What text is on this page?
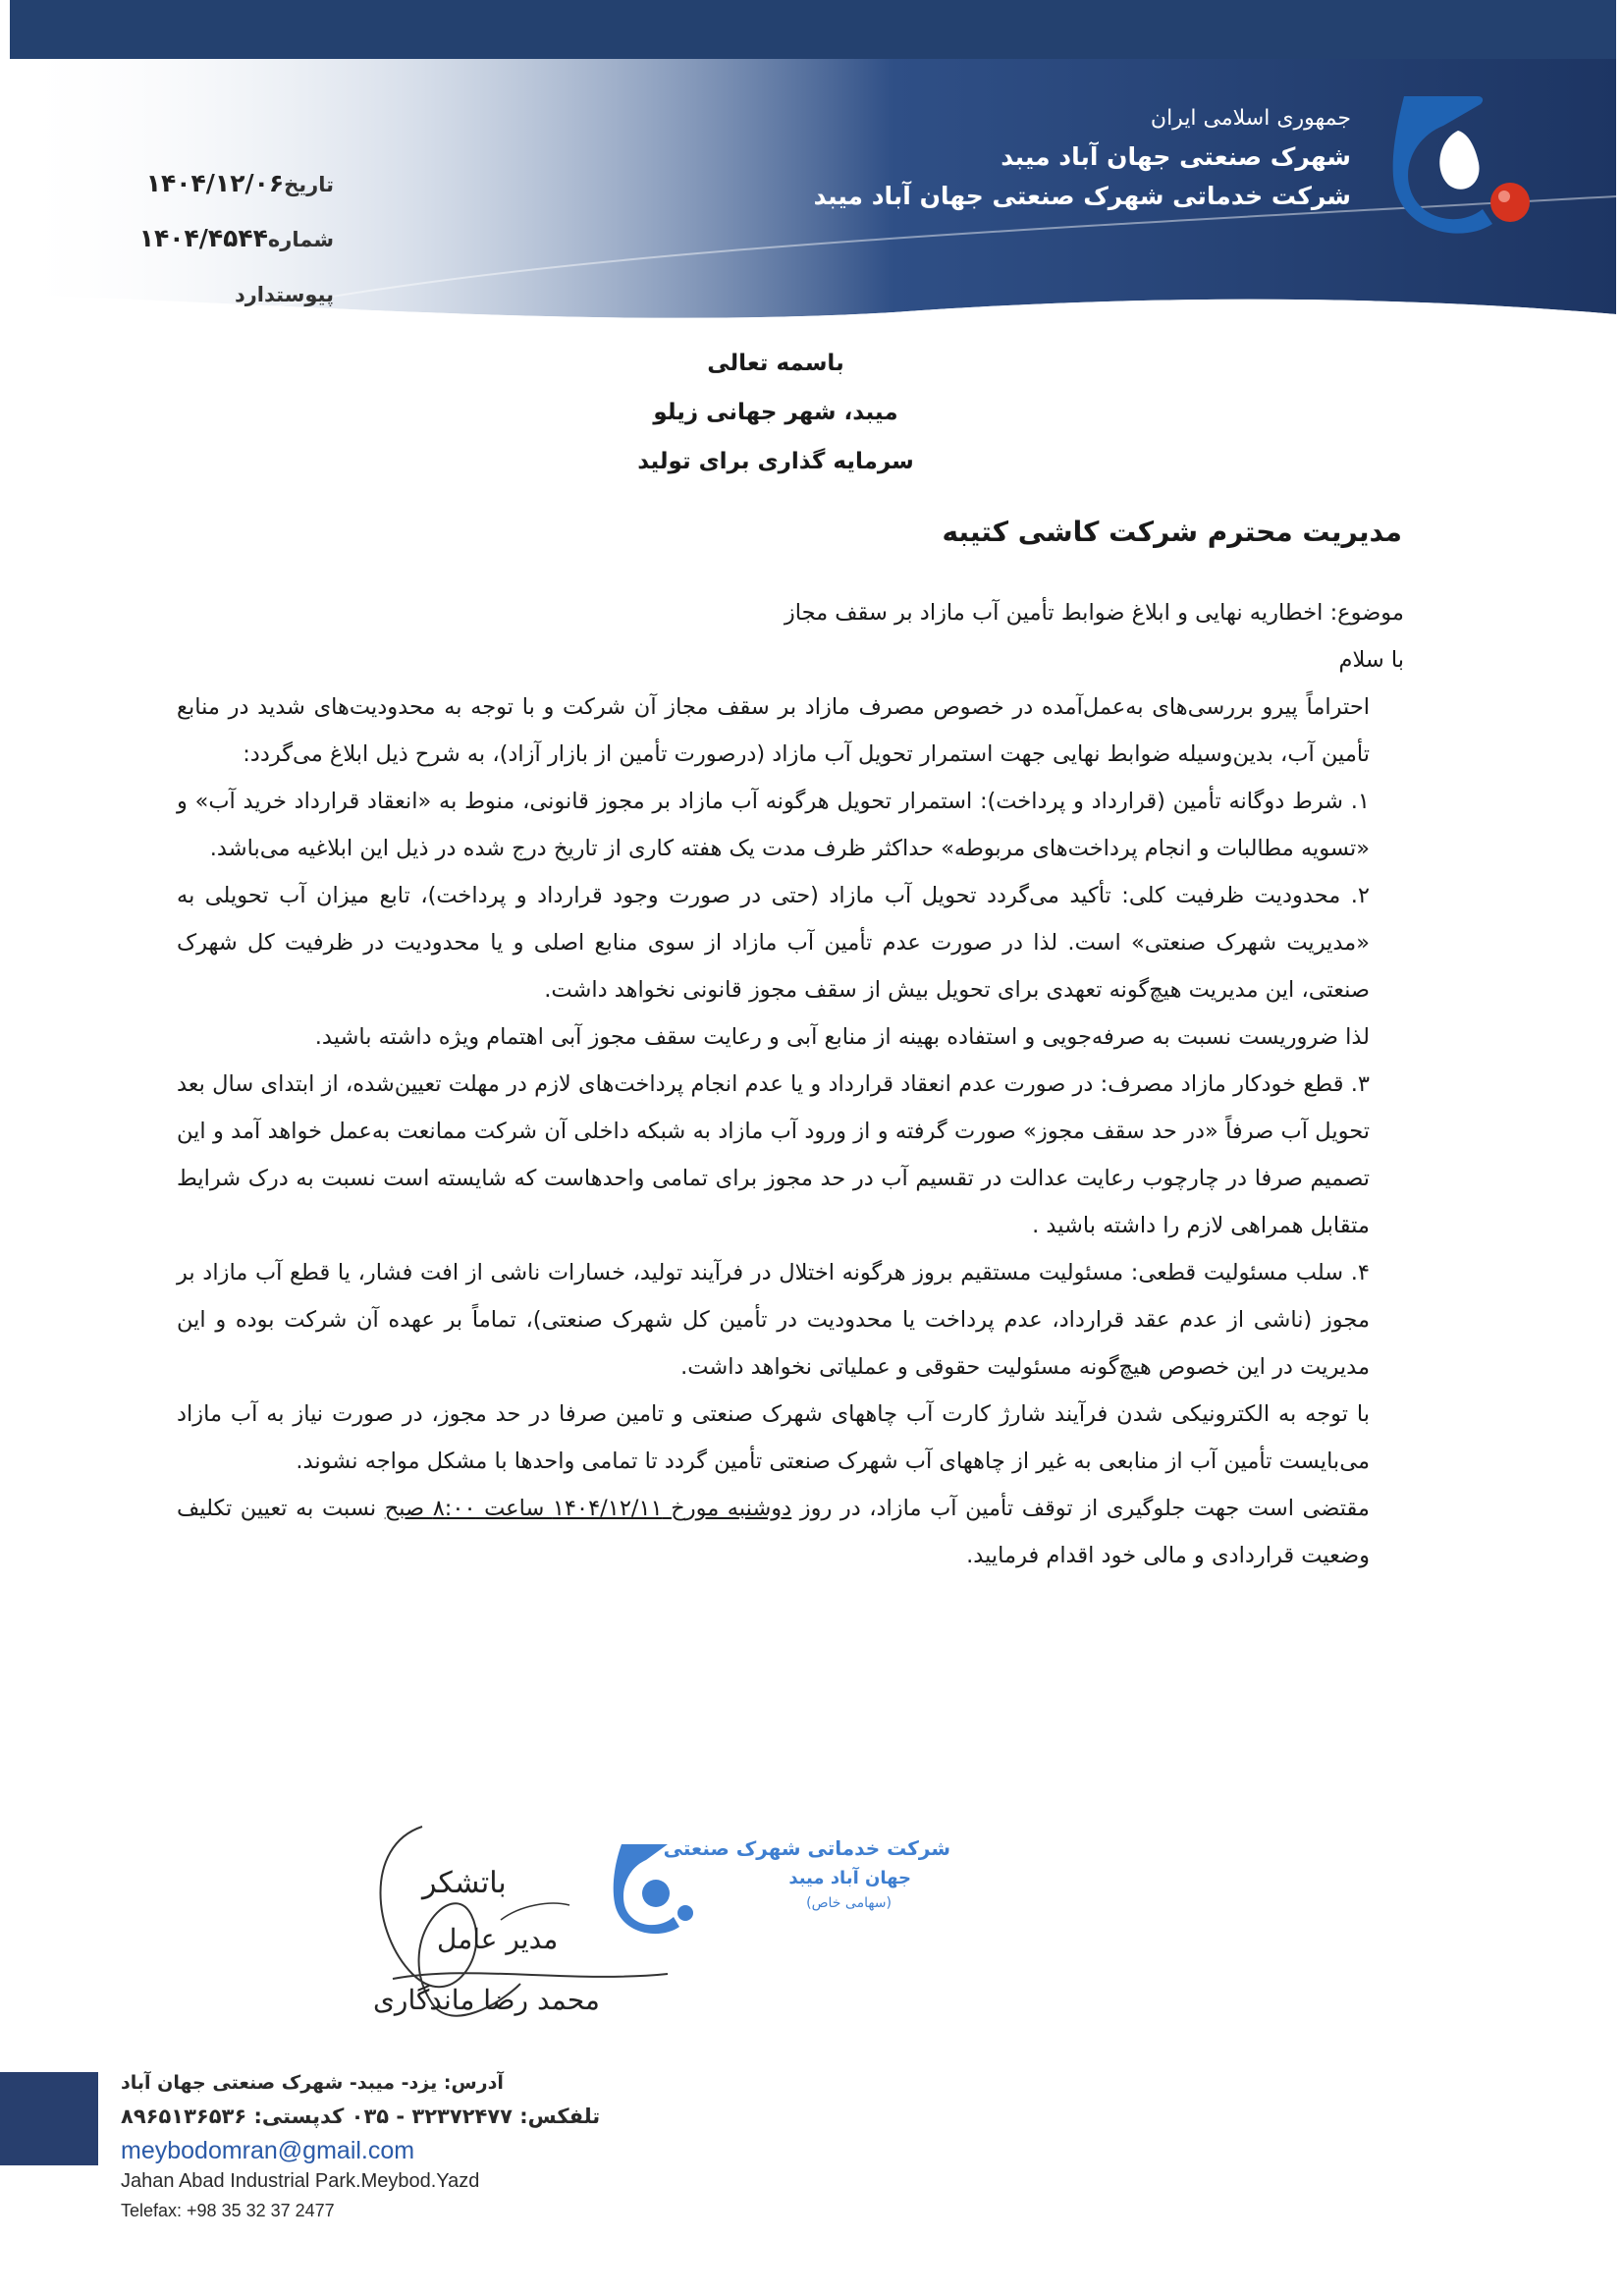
جمهوری اسلامی ایران
شهرک صنعتی جهان آباد میبد
شرکت خدماتی شهرک صنعتی جهان آباد میبد
تاریخ۱۴۰۴/۱۲/۰۶
شماره۱۴۰۴/۴۵۴۴
پیوستدارد
باسمه تعالی
میبد، شهر جهانی زیلو
سرمایه گذاری برای تولید
مدیریت محترم شرکت کاشی کتیبه

موضوع: اخطاریه نهایی و ابلاغ ضوابط تأمین آب مازاد بر سقف مجاز

با سلام

احتراماً پیرو بررسی‌های به‌عمل‌آمده در خصوص مصرف مازاد بر سقف مجاز آن شرکت و با توجه به محدودیت‌های شدید در منابع تأمین آب، بدین‌وسیله ضوابط نهایی جهت استمرار تحویل آب مازاد (درصورت تأمین از بازار آزاد)، به شرح ذیل ابلاغ می‌گردد:

۱. شرط دوگانه تأمین (قرارداد و پرداخت): استمرار تحویل هرگونه آب مازاد بر مجوز قانونی، منوط به «انعقاد قرارداد خرید آب» و «تسویه مطالبات و انجام پرداخت‌های مربوطه» حداکثر ظرف مدت یک هفته کاری از تاریخ درج شده در ذیل این ابلاغیه می‌باشد.

۲. محدودیت ظرفیت کلی: تأکید می‌گردد تحویل آب مازاد (حتی در صورت وجود قرارداد و پرداخت)، تابع میزان آب تحویلی به «مدیریت شهرک صنعتی» است. لذا در صورت عدم تأمین آب مازاد از سوی منابع اصلی و یا محدودیت در ظرفیت کل شهرک صنعتی، این مدیریت هیچ‌گونه تعهدی برای تحویل بیش از سقف مجوز قانونی نخواهد داشت.

لذا ضروریست نسبت به صرفه‌جویی و استفاده بهینه از منابع آبی و رعایت سقف مجوز آبی اهتمام ویژه داشته باشید.

۳. قطع خودکار مازاد مصرف: در صورت عدم انعقاد قرارداد و یا عدم انجام پرداخت‌های لازم در مهلت تعیین‌شده، از ابتدای سال بعد تحویل آب صرفاً «در حد سقف مجوز» صورت گرفته و از ورود آب مازاد به شبکه داخلی آن شرکت ممانعت به‌عمل خواهد آمد و این تصمیم صرفا در چارچوب رعایت عدالت در تقسیم آب در حد مجوز برای تمامی واحدهاست که شایسته است نسبت به درک شرایط متقابل همراهی لازم را داشته باشید .

۴. سلب مسئولیت قطعی: مسئولیت مستقیم بروز هرگونه اختلال در فرآیند تولید، خسارات ناشی از افت فشار، یا قطع آب مازاد بر مجوز (ناشی از عدم عقد قرارداد، عدم پرداخت یا محدودیت در تأمین کل شهرک صنعتی)، تماماً بر عهده آن شرکت بوده و این مدیریت در این خصوص هیچ‌گونه مسئولیت حقوقی و عملیاتی نخواهد داشت.

با توجه به الکترونیکی شدن فرآیند شارژ کارت آب چاههای شهرک صنعتی و تامین صرفا در حد مجوز، در صورت نیاز به آب مازاد می‌بایست تأمین آب از منابعی به غیر از چاههای آب شهرک صنعتی تأمین گردد تا تمامی واحدها با مشکل مواجه نشوند.

مقتضی است جهت جلوگیری از توقف تأمین آب مازاد، در روز دوشنبه مورخ ۱۴۰۴/۱۲/۱۱ ساعت ۸:۰۰ صبح نسبت به تعیین تکلیف وضعیت قراردادی و مالی خود اقدام فرمایید.

باتشکر
مدیر عامل
محمد رضا ماندگاری
شرکت خدماتی شهرک صنعتی
جهان آباد میبد
(سهامی خاص)
آدرس: یزد- میبد- شهرک صنعتی جهان آباد
تلفکس: ۳۲۳۷۲۴۷۷ - ۰۳۵ کدپستی: ۸۹۶۵۱۳۶۵۳۶
meybodomran@gmail.com
Jahan Abad Industrial Park.Meybod.Yazd
Telefax: +98 35 32 37 2477
